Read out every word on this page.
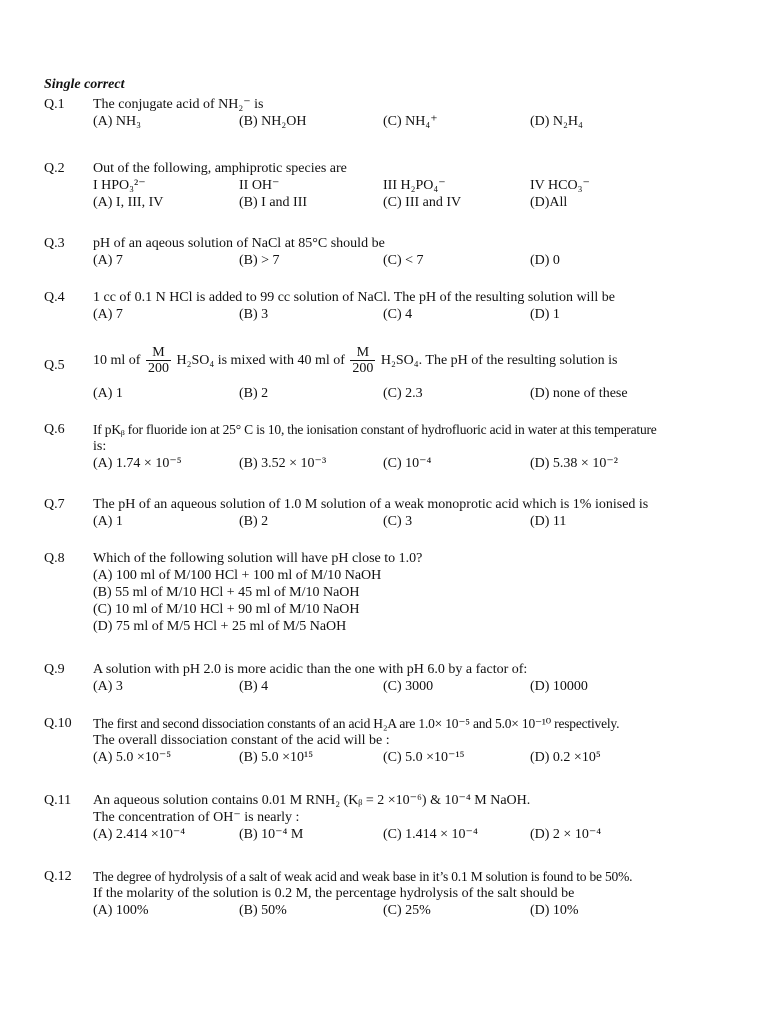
Single correct
Q.1	The conjugate acid of NH₂⁻ is
(A) NH₃	(B) NH₂OH	(C) NH₄⁺	(D) N₂H₄
Q.2	Out of the following, amphiprotic species are
I HPO₃²⁻	II OH⁻	III H₂PO₄⁻	IV HCO₃⁻
(A) I, III, IV	(B) I and III	(C) III and IV	(D)All
Q.3	pH of an aqeous solution of NaCl at 85°C should be
(A) 7	(B) > 7	(C) < 7	(D) 0
Q.4	1 cc of 0.1 N HCl is added to 99 cc solution of NaCl. The pH of the resulting solution will be
(A) 7	(B) 3	(C) 4	(D) 1
Q.5	10 ml of $\frac{M}{200} H_2SO_4$ is mixed with 40 ml of $\frac{M}{200} H_2SO_4$. The pH of the resulting solution is
(A) 1	(B) 2	(C) 2.3	(D) none of these
Q.6	If pKᵦ for fluoride ion at 25° C is 10, the ionisation constant of hydrofluoric acid in water at this temperature
is:
(A) 1.74 × 10⁻⁵	(B) 3.52 × 10⁻³	(C) 10⁻⁴	(D) 5.38 × 10⁻²
Q.7	The pH of an aqueous solution of 1.0 M solution of a weak monoprotic acid which is 1% ionised is
(A) 1	(B) 2	(C) 3	(D) 11
Q.8	Which of the following solution will have pH close to 1.0?
(A) 100 ml of M/100 HCl + 100 ml of M/10 NaOH
(B) 55 ml of M/10 HCl + 45 ml of M/10 NaOH
(C) 10 ml of M/10 HCl + 90 ml of M/10 NaOH
(D) 75 ml of M/5 HCl + 25 ml of M/5 NaOH
Q.9	A solution with pH 2.0 is more acidic than the one with pH 6.0 by a factor of:
(A) 3	(B) 4	(C) 3000	(D) 10000
Q.10	The first and second dissociation constants of an acid H₂A are 1.0× 10⁻⁵ and 5.0× 10⁻¹⁰ respectively.
The overall dissociation constant of the acid will be :
(A) 5.0 ×10⁻⁵	(B) 5.0 ×10¹⁵	(C) 5.0 ×10⁻¹⁵	(D) 0.2 ×10⁵
Q.11	An aqueous solution contains 0.01 M RNH₂ (Kᵦ = 2 ×10⁻⁶) & 10⁻⁴ M NaOH.
The concentration of OH⁻ is nearly :
(A) 2.414 ×10⁻⁴	(B) 10⁻⁴ M	(C) 1.414 × 10⁻⁴	(D) 2 × 10⁻⁴
Q.12	The degree of hydrolysis of a salt of weak acid and weak base in it’s 0.1 M solution is found to be 50%.
If the molarity of the solution is 0.2 M, the percentage hydrolysis of the salt should be
(A) 100%	(B) 50%	(C) 25%	(D) 10%
